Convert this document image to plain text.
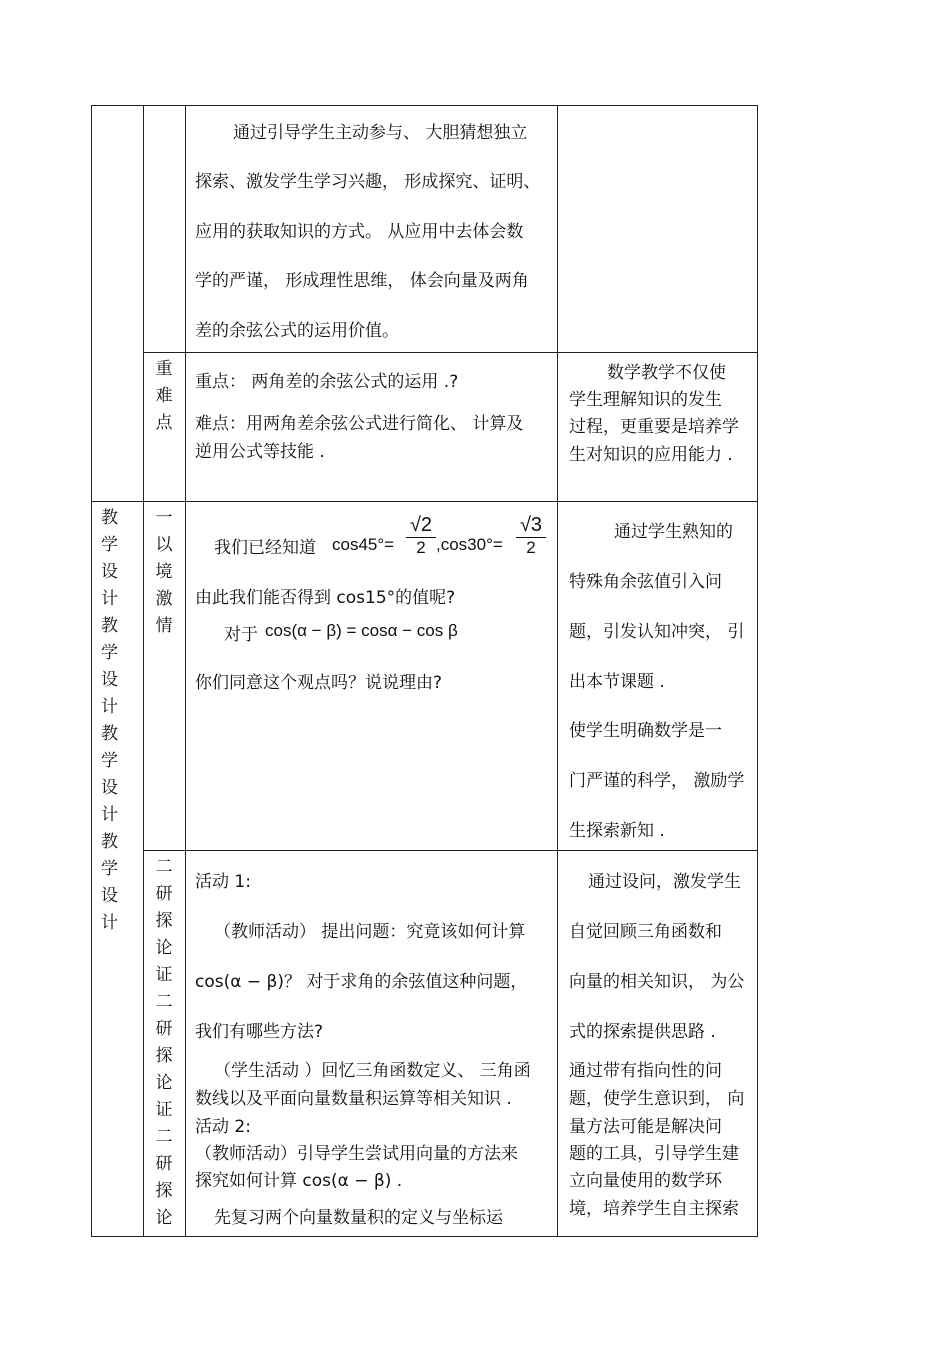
通过引导学生主动参与、 大胆猜想独立
探索、激发学生学习兴趣， 形成探究、证明、
应用的获取知识的方式。 从应用中去体会数
学的严谨， 形成理性思维， 体会向量及两角
差的余弦公式的运用价值。
重
难
点
重点： 两角差的余弦公式的运用 .?
难点：用两角差余弦公式进行简化、 计算及
逆用公式等技能 .
数学教学不仅使
学生理解知识的发生
过程，更重要是培养学
生对知识的应用能力 .
教
学
设
计
教
学
设
计
教
学
设
计
教
学
设
计
一
以
境
激
情
我们已经知道 $\cos 45^\circ= \frac{√2}{2} ,\cos 30^\circ= \frac{√3}{2}$
由此我们能否得到 cos15°的值呢?
对于 cos(α − β) = cosα − cos β
你们同意这个观点吗？说说理由?
通过学生熟知的
特殊角余弦值引入问
题，引发认知冲突， 引
出本节课题 .
使学生明确数学是一
门严谨的科学， 激励学
生探索新知 .
二
研
探
论
证
二
研
探
论
证
二
研
探
论
活动 1:
（教师活动） 提出问题：究竟该如何计算
cos(α − β)？ 对于求角的余弦值这种问题，
我们有哪些方法?
（学生活动 ）回忆三角函数定义、 三角函
数线以及平面向量数量积运算等相关知识 .
活动 2:
（教师活动）引导学生尝试用向量的方法来
探究如何计算 cos(α − β) .
先复习两个向量数量积的定义与坐标运
通过设问，激发学生
自觉回顾三角函数和
向量的相关知识， 为公
式的探索提供思路 .
通过带有指向性的问
题，使学生意识到， 向
量方法可能是解决问
题的工具，引导学生建
立向量使用的数学环
境，培养学生自主探索
